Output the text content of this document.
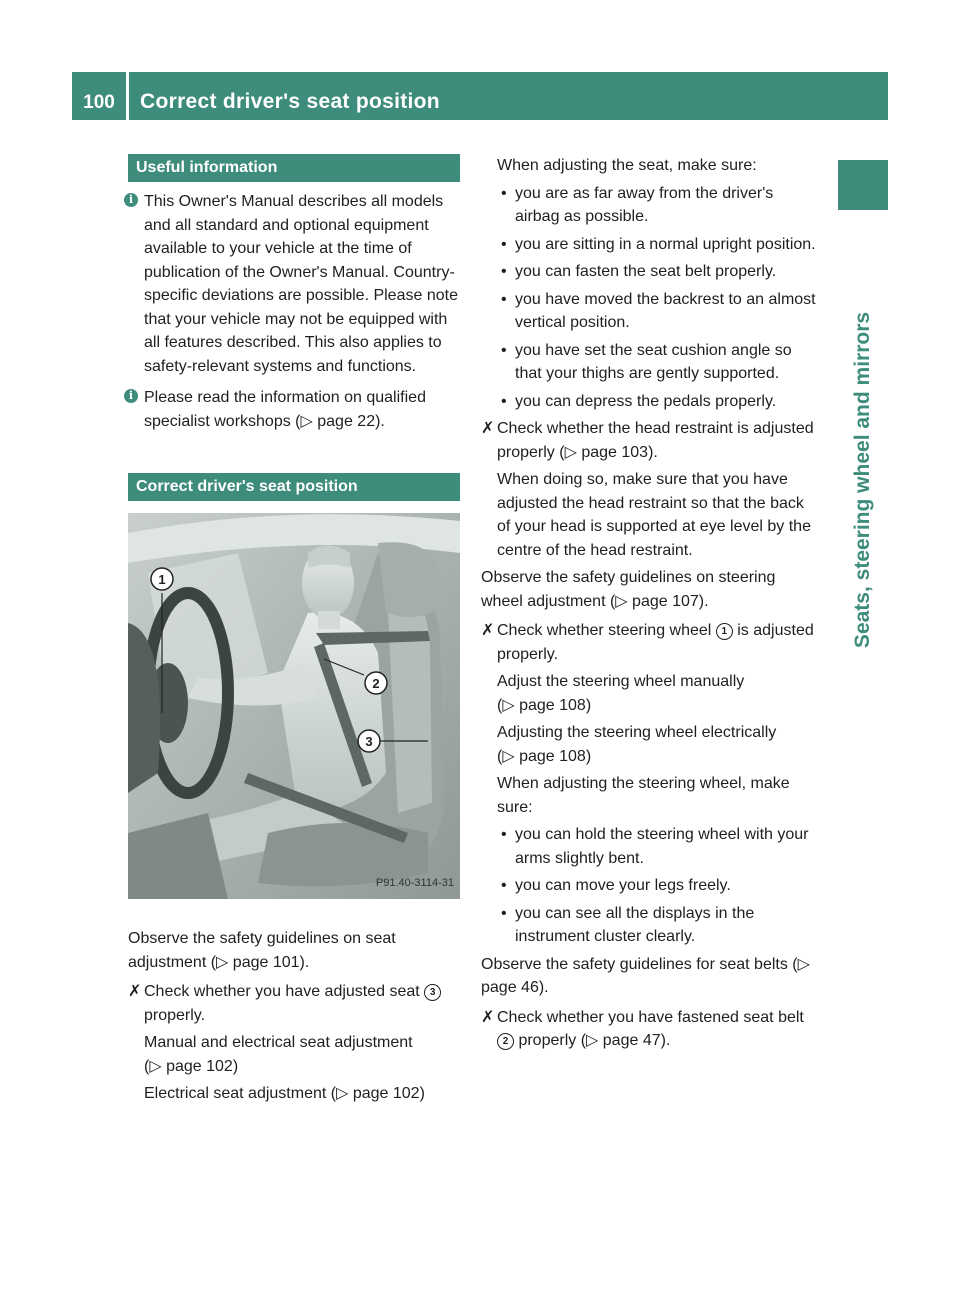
100	Correct driver's seat position
Seats, steering wheel and mirrors
Useful information
i This Owner's Manual describes all models and all standard and optional equipment available to your vehicle at the time of publication of the Owner's Manual. Country-specific deviations are possible. Please note that your vehicle may not be equipped with all features described. This also applies to safety-relevant systems and functions.
i Please read the information on qualified specialist workshops (▷ page 22).
Correct driver's seat position
1
2
3
P91.40-3114-31
Observe the safety guidelines on seat adjustment (▷ page 101).
✗ Check whether you have adjusted seat 3 properly.
Manual and electrical seat adjustment
(▷ page 102)
Electrical seat adjustment (▷ page 102)
When adjusting the seat, make sure:
• you are as far away from the driver's airbag as possible.
• you are sitting in a normal upright position.
• you can fasten the seat belt properly.
• you have moved the backrest to an almost vertical position.
• you have set the seat cushion angle so that your thighs are gently supported.
• you can depress the pedals properly.
✗ Check whether the head restraint is adjusted properly (▷ page 103).
When doing so, make sure that you have adjusted the head restraint so that the back of your head is supported at eye level by the centre of the head restraint.
Observe the safety guidelines on steering wheel adjustment (▷ page 107).
✗ Check whether steering wheel 1 is adjusted properly.
Adjust the steering wheel manually
(▷ page 108)
Adjusting the steering wheel electrically
(▷ page 108)
When adjusting the steering wheel, make sure:
• you can hold the steering wheel with your arms slightly bent.
• you can move your legs freely.
• you can see all the displays in the instrument cluster clearly.
Observe the safety guidelines for seat belts (▷ page 46).
✗ Check whether you have fastened seat belt 2 properly (▷ page 47).
